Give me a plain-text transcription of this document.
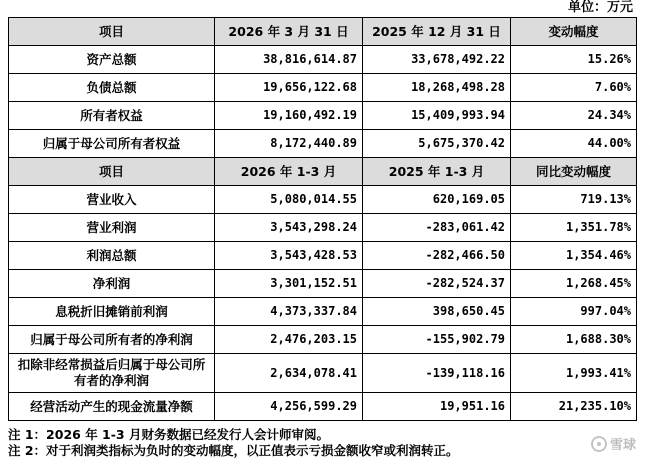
单位：万元
项目	2026 年 3 月 31 日	2025 年 12 月 31 日	变动幅度
资产总额	38,816,614.87	33,678,492.22	15.26%
负债总额	19,656,122.68	18,268,498.28	7.60%
所有者权益	19,160,492.19	15,409,993.94	24.34%
归属于母公司所有者权益	8,172,440.89	5,675,370.42	44.00%
项目	2026 年 1-3 月	2025 年 1-3 月	同比变动幅度
营业收入	5,080,014.55	620,169.05	719.13%
营业利润	3,543,298.24	-283,061.42	1,351.78%
利润总额	3,543,428.53	-282,466.50	1,354.46%
净利润	3,301,152.51	-282,524.37	1,268.45%
息税折旧摊销前利润	4,373,337.84	398,650.45	997.04%
归属于母公司所有者的净利润	2,476,203.15	-155,902.79	1,688.30%
扣除非经常损益后归属于母公司所有者的净利润	2,634,078.41	-139,118.16	1,993.41%
经营活动产生的现金流量净额	4,256,599.29	19,951.16	21,235.10%
注 1：2026 年 1-3 月财务数据已经发行人会计师审阅。
注 2：对于利润类指标为负时的变动幅度，以正值表示亏损金额收窄或利润转正。	雪球
